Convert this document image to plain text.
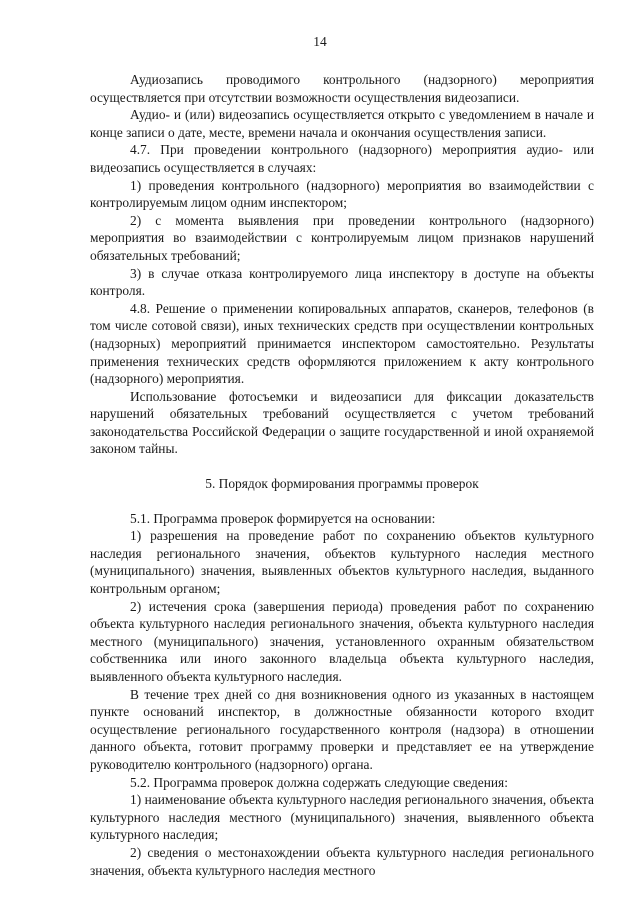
14

Аудиозапись проводимого контрольного (надзорного) мероприятия осуществляется при отсутствии возможности осуществления видеозаписи.

Аудио- и (или) видеозапись осуществляется открыто с уведомлением в начале и конце записи о дате, месте, времени начала и окончания осуществления записи.

4.7. При проведении контрольного (надзорного) мероприятия аудио- или видеозапись осуществляется в случаях:

1) проведения контрольного (надзорного) мероприятия во взаимодействии с контролируемым лицом одним инспектором;

2) с момента выявления при проведении контрольного (надзорного) мероприятия во взаимодействии с контролируемым лицом признаков нарушений обязательных требований;

3) в случае отказа контролируемого лица инспектору в доступе на объекты контроля.

4.8. Решение о применении копировальных аппаратов, сканеров, телефонов (в том числе сотовой связи), иных технических средств при осуществлении контрольных (надзорных) мероприятий принимается инспектором самостоятельно. Результаты применения технических средств оформляются приложением к акту контрольного (надзорного) мероприятия.

Использование фотосъемки и видеозаписи для фиксации доказательств нарушений обязательных требований осуществляется с учетом требований законодательства Российской Федерации о защите государственной и иной охраняемой законом тайны.

5. Порядок формирования программы проверок

5.1. Программа проверок формируется на основании:

1) разрешения на проведение работ по сохранению объектов культурного наследия регионального значения, объектов культурного наследия местного (муниципального) значения, выявленных объектов культурного наследия, выданного контрольным органом;

2) истечения срока (завершения периода) проведения работ по сохранению объекта культурного наследия регионального значения, объекта культурного наследия местного (муниципального) значения, установленного охранным обязательством собственника или иного законного владельца объекта культурного наследия, выявленного объекта культурного наследия.

В течение трех дней со дня возникновения одного из указанных в настоящем пункте оснований инспектор, в должностные обязанности которого входит осуществление регионального государственного контроля (надзора) в отношении данного объекта, готовит программу проверки и представляет ее на утверждение руководителю контрольного (надзорного) органа.

5.2. Программа проверок должна содержать следующие сведения:

1) наименование объекта культурного наследия регионального значения, объекта культурного наследия местного (муниципального) значения, выявленного объекта культурного наследия;

2) сведения о местонахождении объекта культурного наследия регионального значения, объекта культурного наследия местного
